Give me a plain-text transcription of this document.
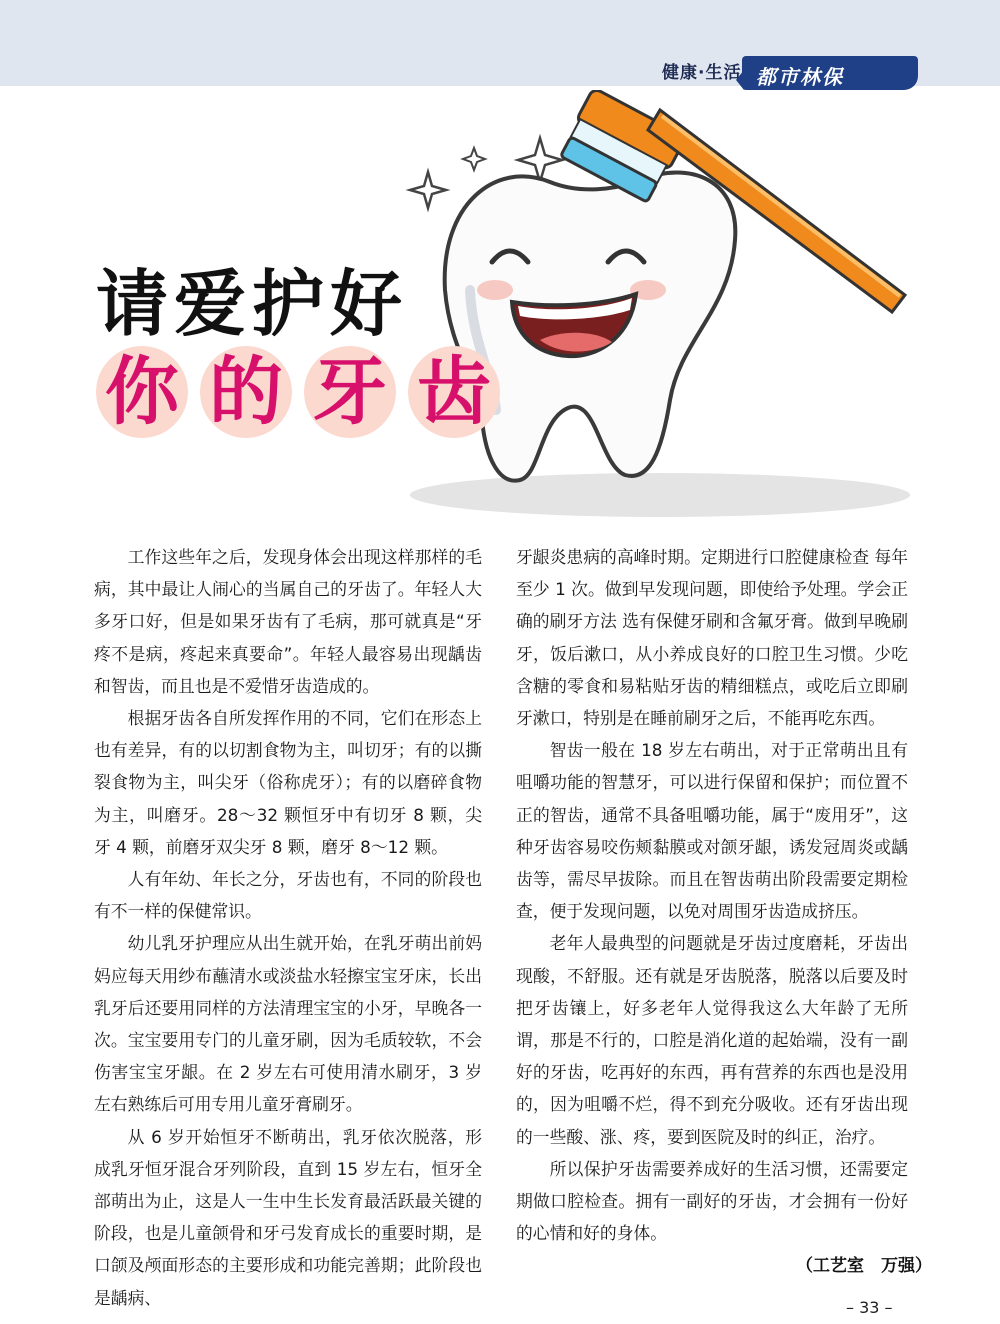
健康·生活 都市林保
请爱护好
你 的 牙 齿

工作这些年之后，发现身体会出现这样那样的毛病，其中最让人闹心的当属自己的牙齿了。年轻人大多牙口好，但是如果牙齿有了毛病，那可就真是“牙疼不是病，疼起来真要命”。年轻人最容易出现龋齿和智齿，而且也是不爱惜牙齿造成的。

根据牙齿各自所发挥作用的不同，它们在形态上也有差异，有的以切割食物为主，叫切牙；有的以撕裂食物为主，叫尖牙（俗称虎牙）；有的以磨碎食物为主，叫磨牙。28～32 颗恒牙中有切牙 8 颗，尖牙 4 颗，前磨牙双尖牙 8 颗，磨牙 8～12 颗。

人有年幼、年长之分，牙齿也有，不同的阶段也有不一样的保健常识。

幼儿乳牙护理应从出生就开始，在乳牙萌出前妈妈应每天用纱布蘸清水或淡盐水轻擦宝宝牙床，长出乳牙后还要用同样的方法清理宝宝的小牙，早晚各一次。宝宝要用专门的儿童牙刷，因为毛质较软，不会伤害宝宝牙龈。在 2 岁左右可使用清水刷牙，3 岁左右熟练后可用专用儿童牙膏刷牙。

从 6 岁开始恒牙不断萌出，乳牙依次脱落，形成乳牙恒牙混合牙列阶段，直到 15 岁左右，恒牙全部萌出为止，这是人一生中生长发育最活跃最关键的阶段，也是儿童颌骨和牙弓发育成长的重要时期，是口颌及颅面形态的主要形成和功能完善期；此阶段也是龋病、

牙龈炎患病的高峰时期。定期进行口腔健康检查 每年至少 1 次。做到早发现问题，即使给予处理。学会正确的刷牙方法 选有保健牙刷和含氟牙膏。做到早晚刷牙，饭后漱口，从小养成良好的口腔卫生习惯。少吃含糖的零食和易粘贴牙齿的精细糕点，或吃后立即刷牙漱口，特别是在睡前刷牙之后，不能再吃东西。

智齿一般在 18 岁左右萌出，对于正常萌出且有咀嚼功能的智慧牙，可以进行保留和保护；而位置不正的智齿，通常不具备咀嚼功能，属于“废用牙”，这种牙齿容易咬伤颊黏膜或对颌牙龈，诱发冠周炎或龋齿等，需尽早拔除。而且在智齿萌出阶段需要定期检查，便于发现问题，以免对周围牙齿造成挤压。

老年人最典型的问题就是牙齿过度磨耗，牙齿出现酸，不舒服。还有就是牙齿脱落，脱落以后要及时把牙齿镶上，好多老年人觉得我这么大年龄了无所谓，那是不行的，口腔是消化道的起始端，没有一副好的牙齿，吃再好的东西，再有营养的东西也是没用的，因为咀嚼不烂，得不到充分吸收。还有牙齿出现的一些酸、涨、疼，要到医院及时的纠正，治疗。

所以保护牙齿需要养成好的生活习惯，还需要定期做口腔检查。拥有一副好的牙齿，才会拥有一份好的心情和好的身体。

（工艺室　万强）
– 33 –
